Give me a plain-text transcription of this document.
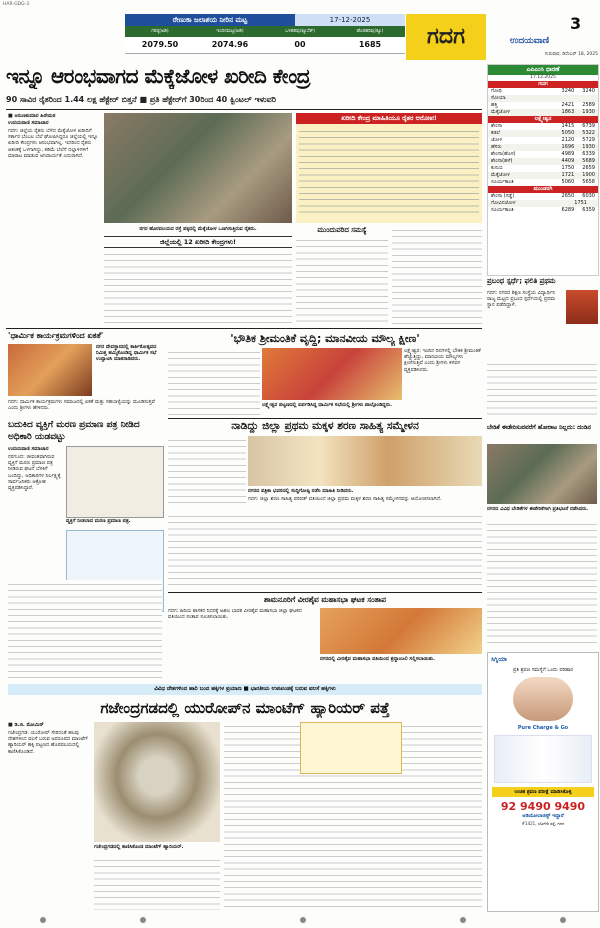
HAR-GDG-3
ರೇಣುಕಾ ಜಲಾಶಯ ನೀರಿನ ಮಟ್ಟ	17-12-2025
ಗರಿಷ್ಠ(ಅಡಿ)	ಇಂದಿನಮಟ್ಟ(ಅಡಿ)	ಒಳಹರಿವು(ಕ್ಯೂಸೆಕ್)	ಹೊರಹರಿವು(ಕ್ಯೂ)
2079.50	2074.96	00	1685	ಗದಗ
3
ಉದಯವಾಣಿ
ಗುರುವಾರ, ಡಿಸೆಂಬರ್ 18, 2025
ಇನ್ನೂ ಆರಂಭವಾಗದ ಮೆಕ್ಕೆಜೋಳ ಖರೀದಿ ಕೇಂದ್ರ
90 ಸಾವಿರ ರೈತರಿಂದ 1.44 ಲಕ್ಷ ಹೆಕ್ಟೇರ್ ಬಿತ್ತನೆ ■ ಪ್ರತಿ ಹೆಕ್ಟೇರ್‌ಗೆ 30ರಿಂದ 40 ಕ್ವಿಂಟಲ್ ಇಳುವರಿ
■ ಅರುಣಕುಮಾರ ಹಿರೇಮಠ
ಉದಯವಾಣಿ ಸಮಾಚಾರ
ಗದಗ: ಜಿಲ್ಲೆಯ ರೈತರು ಬೆಳೆದ ಮೆಕ್ಕೆಜೋಳ ಖರೀದಿಗೆ ಸರ್ಕಾರ ಬೆಂಬಲ ಬೆಲೆ ಘೋಷಿಸಿದ್ದರೂ ಜಿಲ್ಲೆಯಲ್ಲಿ ಇನ್ನೂ ಖರೀದಿ ಕೇಂದ್ರಗಳು ಆರಂಭವಾಗಿಲ್ಲ. ಇದರಿಂದ ರೈತರು ಆತಂಕಕ್ಕೆ ಒಳಗಾಗಿದ್ದು, ಕಡಿಮೆ ಬೆಲೆಗೆ ದಲ್ಲಾಳಿಗಳಿಗೆ ಮಾರಾಟ ಮಾಡುವ ಅನಿವಾರ್ಯತೆ ಎದುರಾಗಿದೆ.
ನಗರ ಹೊರವಲಯದ ರಸ್ತೆ ಪಕ್ಕದಲ್ಲಿ ಮೆಕ್ಕೆಜೋಳ ಒಣಗಿಸುತ್ತಿರುವ ರೈತರು.
ಜಿಲ್ಲೆಯಲ್ಲಿ 12 ಖರೀದಿ ಕೇಂದ್ರಗಳು!
ಖರೀದಿ ಕೇಂದ್ರ ಮಾಹಿತಿಯೂ ರೈತರ ಆರೋಪ!
ಮುಂದುವರಿದ ಸಮಸ್ಯೆ
ಎಪಿಎಂಸಿ ಧಾರಣೆ
17.12.2025
ಗದಗ
ಗೋಧಿ	3240 3240
ಸೋಯಾ
ಹತ್ತಿ	2421 2589
ಮೆಕ್ಕೆಜೋಳ	1863 1930
ಲಕ್ಷ್ಮೇಶ್ವರ
ಶೇಂಗಾ	1415 6739
ಕಡಲೆ	5050 5322
ಜೋಳ	2120 5729
ಹೆಸರು	1696 1930
ಶೇಂಗಾ(ಹೊಸ)	4989 6339
ಶೇಂಗಾ(ಹಳೆ)	4409 5689
ಕುಸುಬಿ	1750 2659
ಮೆಕ್ಕೆಜೋಳ	1721 1900
ಸೂರ್ಯಕಾಂತಿ	5060 5658
ಮುಂಡರಗಿ
ಶೇಂಗಾ (ಗಡ್ಡೆ)	2650 6030
ಗೋವಿನಜೋಳ	1751
ಸೂರ್ಯಕಾಂತಿ	6289 6359
ಪ್ರಬಂಧ ಸ್ಪರ್ಧೆ; ಫಲಿತಿ ಪ್ರಥಮ
ಗದಗ: ನಗರದ ಶಿಕ್ಷಣ ಸಂಸ್ಥೆಯ ವಿದ್ಯಾರ್ಥಿನಿ ರಾಜ್ಯ ಮಟ್ಟದ ಪ್ರಬಂಧ ಸ್ಪರ್ಧೆಯಲ್ಲಿ ಪ್ರಥಮ ಸ್ಥಾನ ಪಡೆದಿದ್ದಾಳೆ.
ಬೇಡಿಕೆ ಈಡೇರಿಸುವವರೆಗೆ ಹೋರಾಟ ನಿಲ್ಲದು: ದಂಡಿನ
ನಗರದ ವಿವಿಧ ಬೇಡಿಕೆಗಳ ಈಡೇರಿಕೆಗಾಗಿ ಪ್ರತಿಭಟನೆ ನಡೆಸಿದರು.
'ಧಾರ್ಮಿಕ ಕಾರ್ಯಕ್ರಮಗಳಿಂದ ಏಕತೆ'
ನಗರ ದೇವಸ್ಥಾನದಲ್ಲಿ ಕಾರ್ತಿಕೋತ್ಸವದ ನಿಮಿತ್ತ ಹಮ್ಮಿಕೊಂಡಿದ್ದ ಧಾರ್ಮಿಕ ಸಭೆ ಉದ್ಘಾಟಿಸಿ ಮಾತನಾಡಿದರು.
ಗದಗ: ಧಾರ್ಮಿಕ ಕಾರ್ಯಕ್ರಮಗಳು ಸಮಾಜದಲ್ಲಿ ಏಕತೆ ಮತ್ತು ಸಹಬಾಳ್ವೆಯನ್ನು ಮೂಡಿಸುತ್ತವೆ ಎಂದು ಶ್ರೀಗಳು ಹೇಳಿದರು.
'ಭೌತಿಕ ಶ್ರೀಮಂತಿಕೆ ವೃದ್ಧಿ; ಮಾನವೀಯ ಮೌಲ್ಯ ಕ್ಷೀಣ'
ಲಕ್ಷ್ಮೇಶ್ವರ ಪಟ್ಟಣದಲ್ಲಿ ಏರ್ಪಡಿಸಿದ್ದ ಧಾರ್ಮಿಕ ಸಭೆಯಲ್ಲಿ ಶ್ರೀಗಳು ಪಾಲ್ಗೊಂಡಿದ್ದರು.
ಲಕ್ಷ್ಮೇಶ್ವರ: ಇಂದಿನ ದಿನಗಳಲ್ಲಿ ಭೌತಿಕ ಶ್ರೀಮಂತಿಕೆ ಹೆಚ್ಚುತ್ತಿದ್ದು, ಮಾನವೀಯ ಮೌಲ್ಯಗಳು ಕ್ಷೀಣಿಸುತ್ತಿವೆ ಎಂದು ಶ್ರೀಗಳು ಕಳವಳ ವ್ಯಕ್ತಪಡಿಸಿದರು.
ಬದುಕಿದ ವ್ಯಕ್ತಿಗೆ ಮರಣ ಪ್ರಮಾಣ ಪತ್ರ ನೀಡಿದ ಅಧಿಕಾರಿ ಯಡವಟ್ಟು
ಉದಯವಾಣಿ ಸಮಾಚಾರ
ನರಗುಂದ: ಜೀವಂತವಾಗಿರುವ ವ್ಯಕ್ತಿಗೆ ಮರಣ ಪ್ರಮಾಣ ಪತ್ರ ನೀಡಿರುವ ಘಟನೆ ಬೆಳಕಿಗೆ ಬಂದಿದ್ದು, ಅಧಿಕಾರಿಗಳ ನಿರ್ಲಕ್ಷ್ಯಕ್ಕೆ ಸಾರ್ವಜನಿಕರು ಆಕ್ರೋಶ ವ್ಯಕ್ತಪಡಿಸಿದ್ದಾರೆ.
ವ್ಯಕ್ತಿಗೆ ನೀಡಲಾದ ಮರಣ ಪ್ರಮಾಣ ಪತ್ರ.
ನಾಡಿದ್ದು ಜಿಲ್ಲಾ ಪ್ರಥಮ ಮಕ್ಕಳ ಶರಣ ಸಾಹಿತ್ಯ ಸಮ್ಮೇಳನ
ನಗರದ ಪತ್ರಿಕಾ ಭವನದಲ್ಲಿ ಸುದ್ದಿಗೋಷ್ಠಿ ನಡೆಸಿ ಮಾಹಿತಿ ನೀಡಿದರು.
ಗದಗ: ಜಿಲ್ಲಾ ಶರಣ ಸಾಹಿತ್ಯ ಪರಿಷತ್ ವತಿಯಿಂದ ಜಿಲ್ಲಾ ಪ್ರಥಮ ಮಕ್ಕಳ ಶರಣ ಸಾಹಿತ್ಯ ಸಮ್ಮೇಳನವನ್ನು ಆಯೋಜಿಸಲಾಗಿದೆ.
ಶಾಮನೂರಿಗೆ ವೀರಶೈವ ಮಹಾಸಭಾ ಘಟಕ ಸಂತಾಪ
ಗದಗ: ಹಿರಿಯ ಶಾಸಕರ ನಿಧನಕ್ಕೆ ಅಖಿಲ ಭಾರತ ವೀರಶೈವ ಮಹಾಸಭಾ ಜಿಲ್ಲಾ ಘಟಕದ ವತಿಯಿಂದ ಸಂತಾಪ ಸೂಚಿಸಲಾಯಿತು.
ನಗರದಲ್ಲಿ ವೀರಶೈವ ಮಹಾಸಭಾ ವತಿಯಿಂದ ಶ್ರದ್ಧಾಂಜಲಿ ಸಲ್ಲಿಸಲಾಯಿತು.
ವಿವಿಧ ದೇಶಗಳಿಂದ ಹಾರಿ ಬಂದ ಹಕ್ಕಿಗಳ ಪ್ರಯಾಣ ■ ಭಾರತೀಯ ಉಪಖಂಡಕ್ಕೆ ಬರುವ ವಲಸೆ ಹಕ್ಕಿಗಳು
ಗಜೇಂದ್ರಗಡದಲ್ಲಿ ಯುರೋಪ್‌ನ ಮಾಂಟೆಗ್ ಹ್ಯಾರಿಯರ್ ಪತ್ತೆ
■ ಡಿ.ಜಿ. ಮೋಮಿನ್
ಗಜೇಂದ್ರಗಡ: ಯುರೋಪ್ ಸೇರಿದಂತೆ ಹಲವು ದೇಶಗಳಿಂದ ವಲಸೆ ಬರುವ ಅಪರೂಪದ ಮಾಂಟೆಗ್ ಹ್ಯಾರಿಯರ್ ಹಕ್ಕಿ ಪಟ್ಟಣದ ಹೊರವಲಯದಲ್ಲಿ ಕಾಣಿಸಿಕೊಂಡಿದೆ.
ಗಜೇಂದ್ರಗಡದಲ್ಲಿ ಕಾಣಿಸಿಕೊಂಡ ಮಾಂಟೆಗ್ ಹ್ಯಾರಿಯರ್.
ಸಿಗ್ನಿಯಾ
ಪ್ರತಿ ಶ್ರವಣ ಸಮಸ್ಯೆಗೆ ಒಂದು ಪರಿಹಾರ
Pure Charge & Go
ಉಚಿತ ಶ್ರವಣ ಪರೀಕ್ಷೆ ಮಾಡಿಸಿಕೊಳ್ಳಿ
92 9490 9490
ಆಡಿಯೋಲಾಜಿಸ್ಟ್ ಇದ್ದಾರೆ
#1421, ಬೆಟಗೇರಿ ರಸ್ತೆ, ಗದಗ
